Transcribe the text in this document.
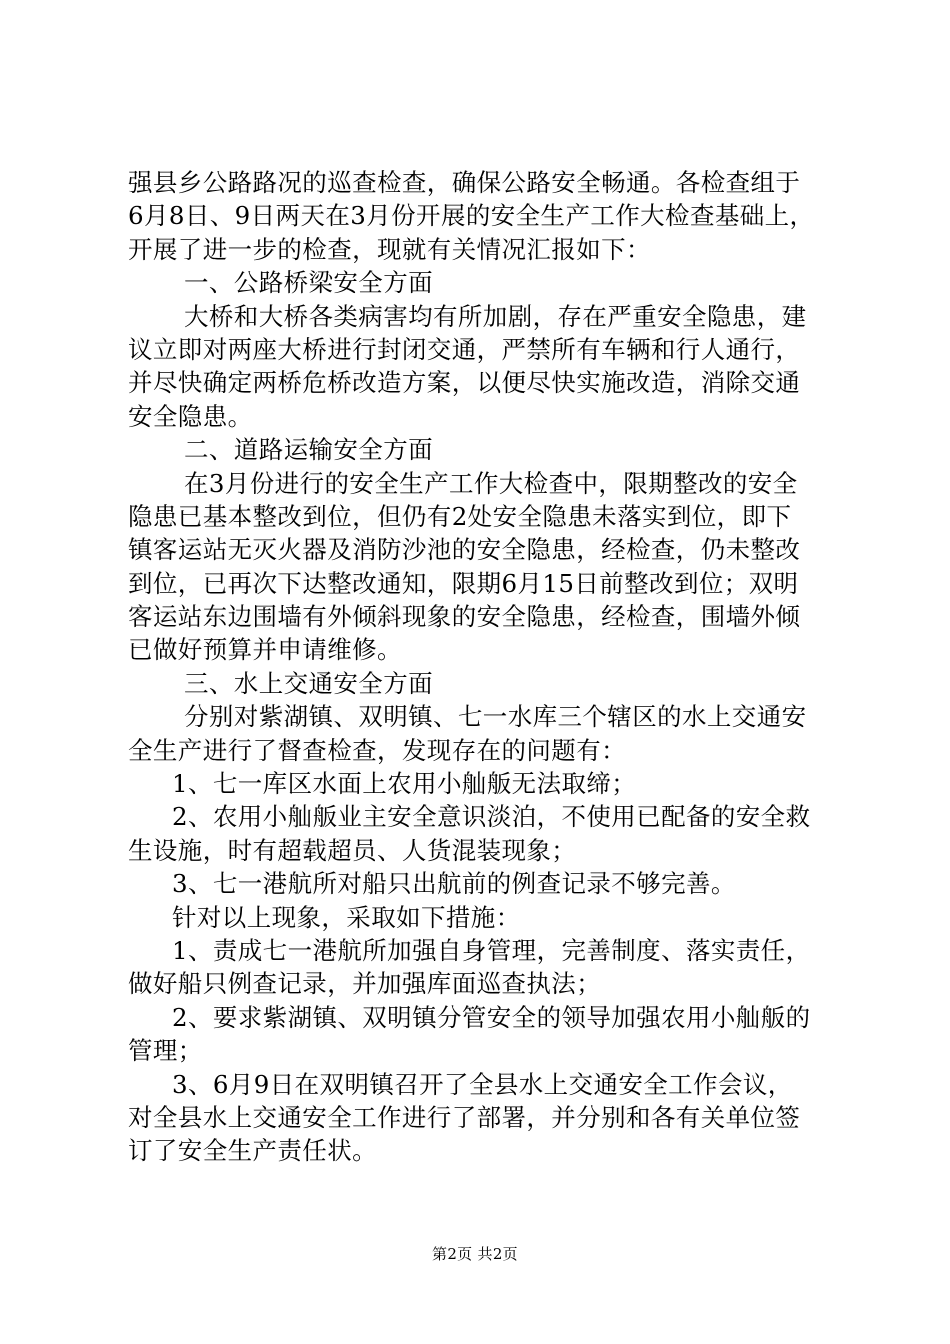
强县乡公路路况的巡查检查，确保公路安全畅通。各检查组于
6月8日、9日两天在3月份开展的安全生产工作大检查基础上，
开展了进一步的检查，现就有关情况汇报如下：
一、公路桥梁安全方面
大桥和大桥各类病害均有所加剧，存在严重安全隐患，建
议立即对两座大桥进行封闭交通，严禁所有车辆和行人通行，
并尽快确定两桥危桥改造方案，以便尽快实施改造，消除交通
安全隐患。
二、道路运输安全方面
在3月份进行的安全生产工作大检查中，限期整改的安全
隐患已基本整改到位，但仍有2处安全隐患未落实到位，即下
镇客运站无灭火器及消防沙池的安全隐患，经检查，仍未整改
到位，已再次下达整改通知，限期6月15日前整改到位；双明
客运站东边围墙有外倾斜现象的安全隐患，经检查，围墙外倾
已做好预算并申请维修。
三、水上交通安全方面
分别对紫湖镇、双明镇、七一水库三个辖区的水上交通安
全生产进行了督查检查，发现存在的问题有：
1、七一库区水面上农用小舢舨无法取缔；
2、农用小舢舨业主安全意识淡泊，不使用已配备的安全救
生设施，时有超载超员、人货混装现象；
3、七一港航所对船只出航前的例查记录不够完善。
针对以上现象，采取如下措施：
1、责成七一港航所加强自身管理，完善制度、落实责任，
做好船只例查记录，并加强库面巡查执法；
2、要求紫湖镇、双明镇分管安全的领导加强农用小舢舨的
管理；
3、6月9日在双明镇召开了全县水上交通安全工作会议，
对全县水上交通安全工作进行了部署，并分别和各有关单位签
订了安全生产责任状。
第2页 共2页
